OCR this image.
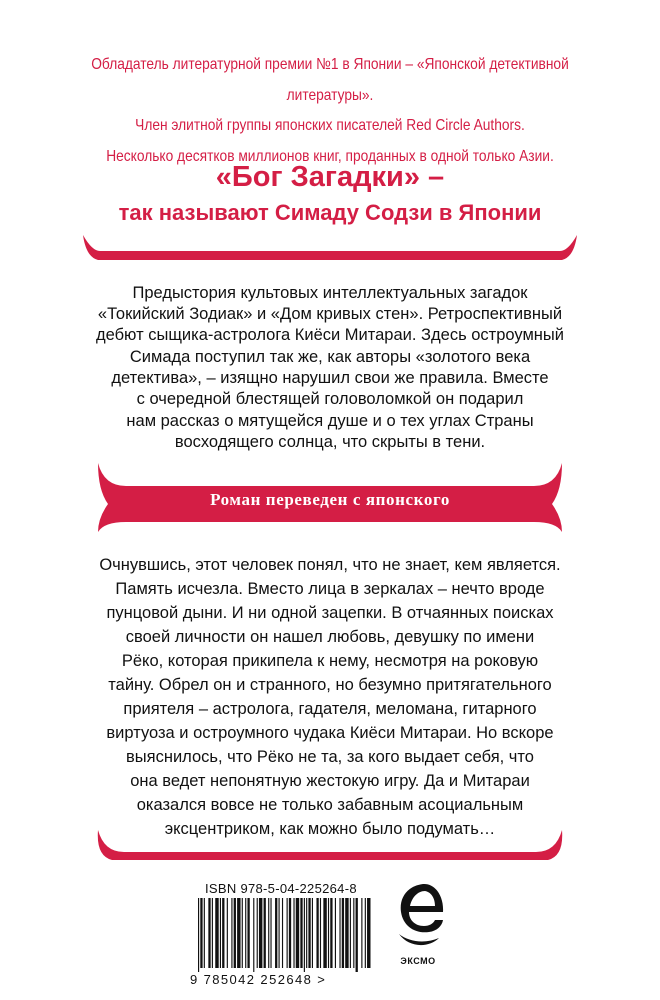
Обладатель литературной премии №1 в Японии – «Японской детективной литературы».

Член элитной группы японских писателей Red Circle Authors.

Несколько десятков миллионов книг, проданных в одной только Азии.

«Бог Загадки» –
так называют Симаду Содзи в Японии

Предыстория культовых интеллектуальных загадок

«Токийский Зодиак» и «Дом кривых стен». Ретроспективный

дебют сыщика-астролога Киёси Митараи. Здесь остроумный

Симада поступил так же, как авторы «золотого века

детектива», – изящно нарушил свои же правила. Вместе

с очередной блестящей головоломкой он подарил

нам рассказ о мятущейся душе и о тех углах Страны

восходящего солнца, что скрыты в тени.

Роман переведен с японского

Очнувшись, этот человек понял, что не знает, кем является.

Память исчезла. Вместо лица в зеркалах – нечто вроде

пунцовой дыни. И ни одной зацепки. В отчаянных поисках

своей личности он нашел любовь, девушку по имени

Рёко, которая прикипела к нему, несмотря на роковую

тайну. Обрел он и странного, но безумно притягательного

приятеля – астролога, гадателя, меломана, гитарного

виртуоза и остроумного чудака Киёси Митараи. Но вскоре

выяснилось, что Рёко не та, за кого выдает себя, что

она ведет непонятную жестокую игру. Да и Митараи

оказался вовсе не только забавным асоциальным

эксцентриком, как можно было подумать…

ISBN 978-5-04-225264-8
9 785042 252648 >
ЭКСМО
